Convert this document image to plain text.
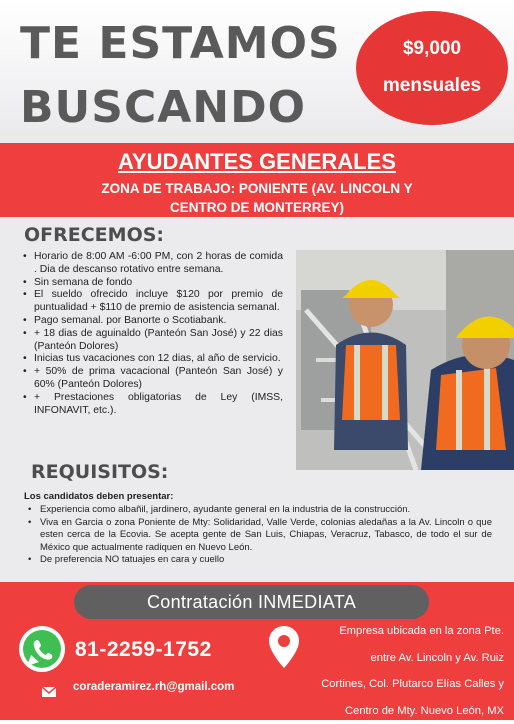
TE ESTAMOS
BUSCANDO
$9,000
mensuales
AYUDANTES GENERALES
ZONA DE TRABAJO: PONIENTE (AV. LINCOLN Y
CENTRO DE MONTERREY)
OFRECEMOS:
• Horario de 8:00 AM -6:00 PM, con 2 horas de comida . Dia de descanso rotativo entre semana.
• Sin semana de fondo
• El sueldo ofrecido incluye $120 por premio de puntualidad + $110 de premio de asistencia semanal.
• Pago semanal. por Banorte o Scotiabank.
• + 18 dias de aguinaldo (Panteón San José) y 22 dias (Panteón Dolores)
• Inicias tus vacaciones con 12 dias, al año de servicio.
• + 50% de prima vacacional (Panteón San José) y 60% (Panteón Dolores)
• + Prestaciones obligatorias de Ley (IMSS, INFONAVIT, etc.).
REQUISITOS:
Los candidatos deben presentar:
• Experiencia como albañil, jardinero, ayudante general en la industria de la construcción.
• Viva en Garcia o zona Poniente de Mty: Solidaridad, Valle Verde, colonias aledañas a la Av. Lincoln o que esten cerca de la Ecovia. Se acepta gente de San Luis, Chiapas, Veracruz, Tabasco, de todo el sur de México que actualmente radiquen en Nuevo León.
• De preferencia NO tatuajes en cara y cuello
Contratación INMEDIATA
81-2259-1752
coraderamirez.rh@gmail.com
Empresa ubicada en la zona Pte.
entre Av. Lincoln y Av. Ruiz
Cortines, Col. Plutarco Elías Calles y
Centro de Mty. Nuevo León, MX
